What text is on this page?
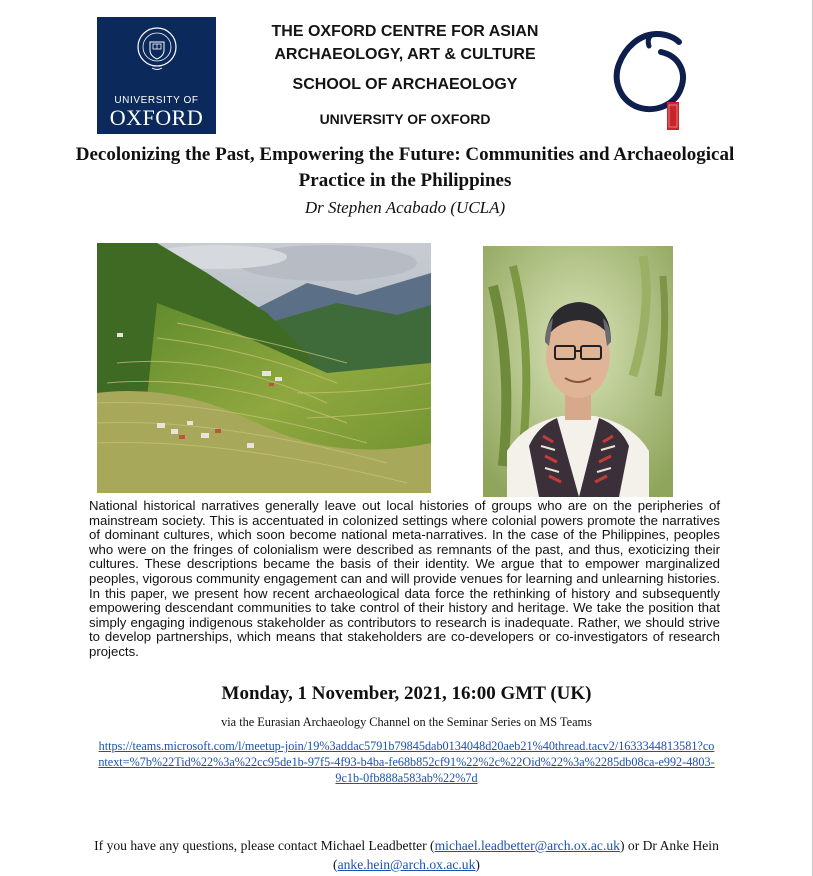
UNIVERSITY OF
OXFORD
THE OXFORD CENTRE FOR ASIAN ARCHAEOLOGY, ART & CULTURE
SCHOOL OF ARCHAEOLOGY
UNIVERSITY OF OXFORD
Decolonizing the Past, Empowering the Future: Communities and Archaeological Practice in the Philippines
Dr Stephen Acabado (UCLA)

National historical narratives generally leave out local histories of groups who are on the peripheries of mainstream society. This is accentuated in colonized settings where colonial powers promote the narratives of dominant cultures, which soon become national meta-narratives. In the case of the Philippines, peoples who were on the fringes of colonialism were described as remnants of the past, and thus, exoticizing their cultures. These descriptions became the basis of their identity. We argue that to empower marginalized peoples, vigorous community engagement can and will provide venues for learning and unlearning histories. In this paper, we present how recent archaeological data force the rethinking of history and subsequently empowering descendant communities to take control of their history and heritage. We take the position that simply engaging indigenous stakeholder as contributors to research is inadequate. Rather, we should strive to develop partnerships, which means that stakeholders are co-developers or co-investigators of research projects.

Monday, 1 November, 2021, 16:00 GMT (UK)
via the Eurasian Archaeology Channel on the Seminar Series on MS Teams
https://teams.microsoft.com/l/meetup-join/19%3addac5791b79845dab0134048d20aeb21%40thread.tacv2/1633344813581?context=%7b%22Tid%22%3a%22cc95de1b-97f5-4f93-b4ba-fe68b852cf91%22%2c%22Oid%22%3a%2285db08ca-e992-4803-9c1b-0fb888a583ab%22%7d
If you have any questions, please contact Michael Leadbetter (michael.leadbetter@arch.ox.ac.uk) or Dr Anke Hein (anke.hein@arch.ox.ac.uk)
